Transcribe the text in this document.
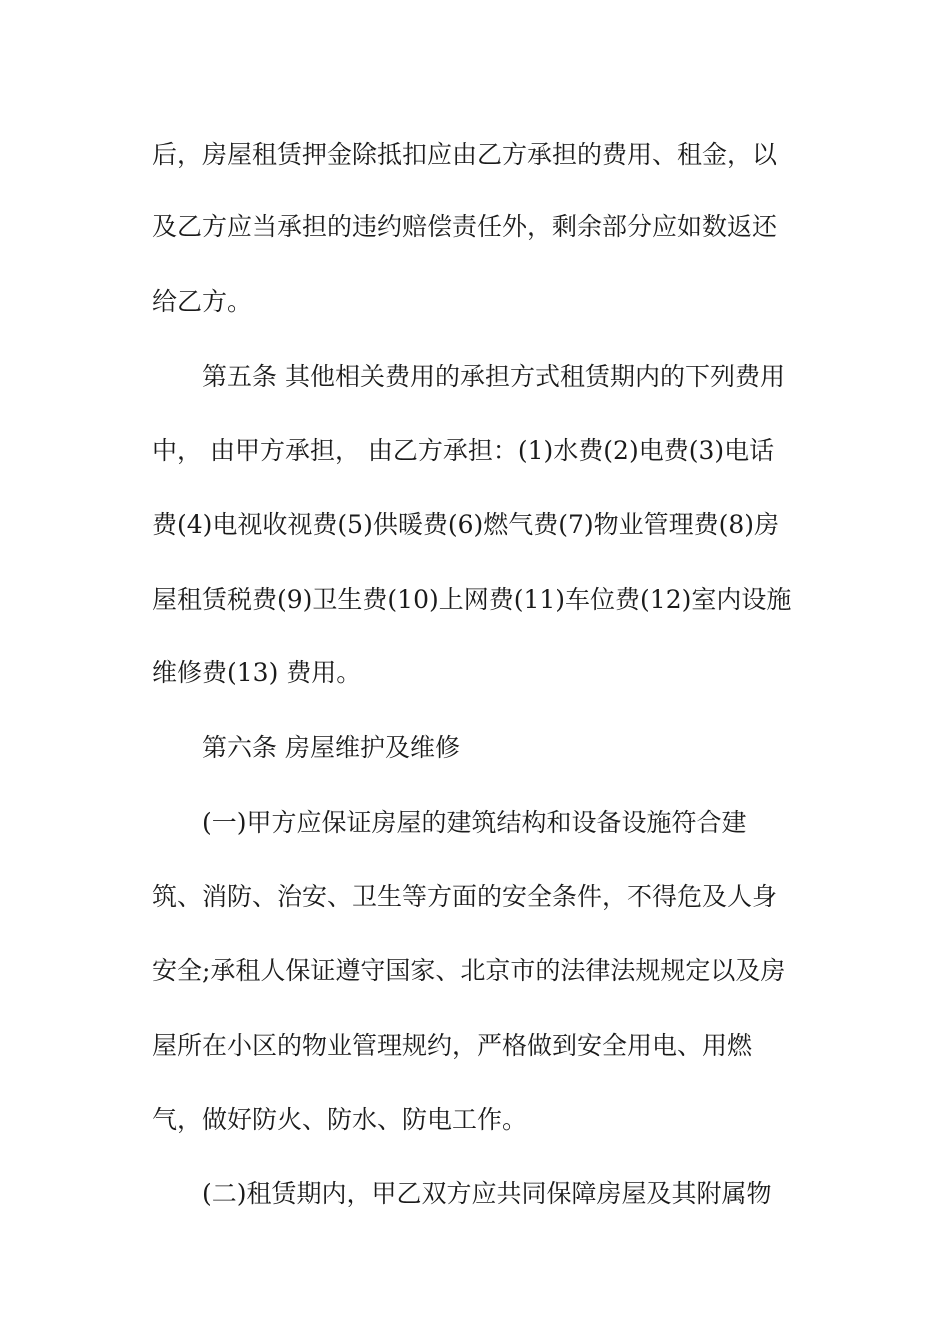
后，房屋租赁押金除抵扣应由乙方承担的费用、租金，以
及乙方应当承担的违约赔偿责任外，剩余部分应如数返还
给乙方。
第五条 其他相关费用的承担方式租赁期内的下列费用
中， 由甲方承担， 由乙方承担：(1)水费(2)电费(3)电话
费(4)电视收视费(5)供暖费(6)燃气费(7)物业管理费(8)房
屋租赁税费(9)卫生费(10)上网费(11)车位费(12)室内设施
维修费(13) 费用。
第六条 房屋维护及维修
(一)甲方应保证房屋的建筑结构和设备设施符合建
筑、消防、治安、卫生等方面的安全条件，不得危及人身
安全;承租人保证遵守国家、北京市的法律法规规定以及房
屋所在小区的物业管理规约，严格做到安全用电、用燃
气，做好防火、防水、防电工作。
(二)租赁期内，甲乙双方应共同保障房屋及其附属物
